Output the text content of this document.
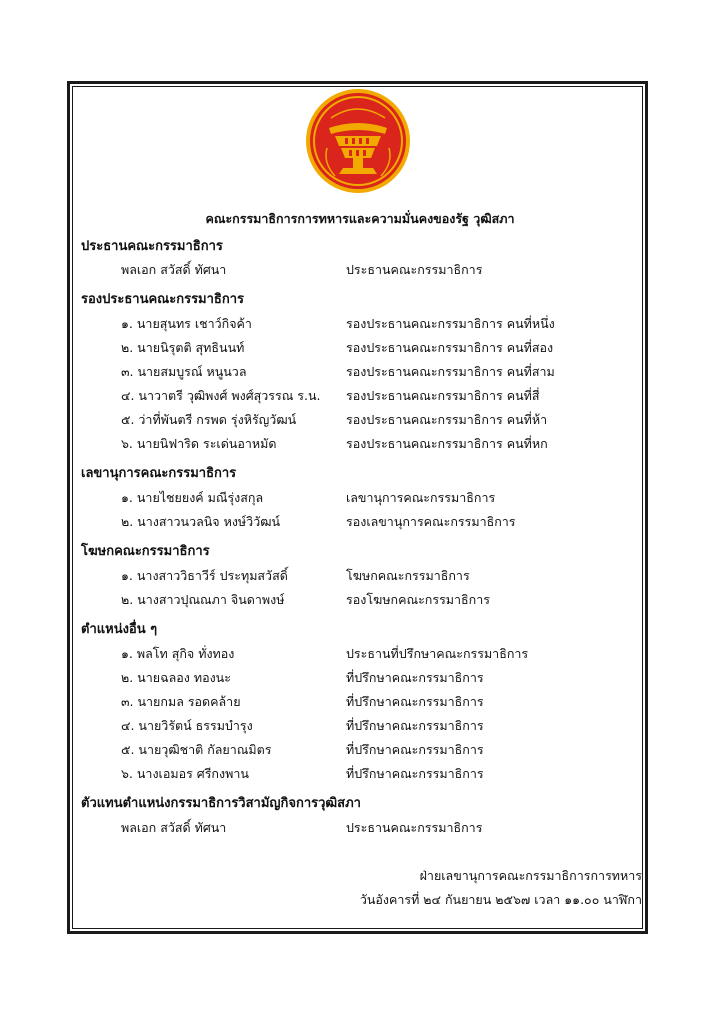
คณะกรรมาธิการการทหารและความมั่นคงของรัฐ วุฒิสภา
ประธานคณะกรรมาธิการ
พลเอก สวัสดิ์ ทัศนา	ประธานคณะกรรมาธิการ
รองประธานคณะกรรมาธิการ
๑. นายสุนทร เชาว์กิจค้า	รองประธานคณะกรรมาธิการ คนที่หนึ่ง
๒. นายนิรุตติ สุทธินนท์	รองประธานคณะกรรมาธิการ คนที่สอง
๓. นายสมบูรณ์ หนูนวล	รองประธานคณะกรรมาธิการ คนที่สาม
๔. นาวาตรี วุฒิพงศ์ พงศ์สุวรรณ ร.น. รองประธานคณะกรรมาธิการ คนที่สี่
๕. ว่าที่พันตรี กรพด รุ่งหิรัญวัฒน์	รองประธานคณะกรรมาธิการ คนที่ห้า
๖. นายนิฟาริด ระเด่นอาหมัด	รองประธานคณะกรรมาธิการ คนที่หก
เลขานุการคณะกรรมาธิการ
๑. นายไชยยงค์ มณีรุ่งสกุล	เลขานุการคณะกรรมาธิการ
๒. นางสาวนวลนิจ หงษ์วิวัฒน์	รองเลขานุการคณะกรรมาธิการ
โฆษกคณะกรรมาธิการ
๑. นางสาววิธาวีร์ ประทุมสวัสดิ์	โฆษกคณะกรรมาธิการ
๒. นางสาวปุณณภา จินดาพงษ์	รองโฆษกคณะกรรมาธิการ
ตำแหน่งอื่น ๆ
๑. พลโท สุกิจ ทั่งทอง	ประธานที่ปรึกษาคณะกรรมาธิการ
๒. นายฉลอง ทองนะ	ที่ปรึกษาคณะกรรมาธิการ
๓. นายกมล รอดคล้าย	ที่ปรึกษาคณะกรรมาธิการ
๔. นายวิรัตน์ ธรรมบำรุง	ที่ปรึกษาคณะกรรมาธิการ
๕. นายวุฒิชาติ กัลยาณมิตร	ที่ปรึกษาคณะกรรมาธิการ
๖. นางเอมอร ศรีกงพาน	ที่ปรึกษาคณะกรรมาธิการ
ตัวแทนตำแหน่งกรรมาธิการวิสามัญกิจการวุฒิสภา
พลเอก สวัสดิ์ ทัศนา	ประธานคณะกรรมาธิการ
ฝ่ายเลขานุการคณะกรรมาธิการการทหาร
วันอังคารที่ ๒๔ กันยายน ๒๕๖๗ เวลา ๑๑.๐๐ นาฬิกา
